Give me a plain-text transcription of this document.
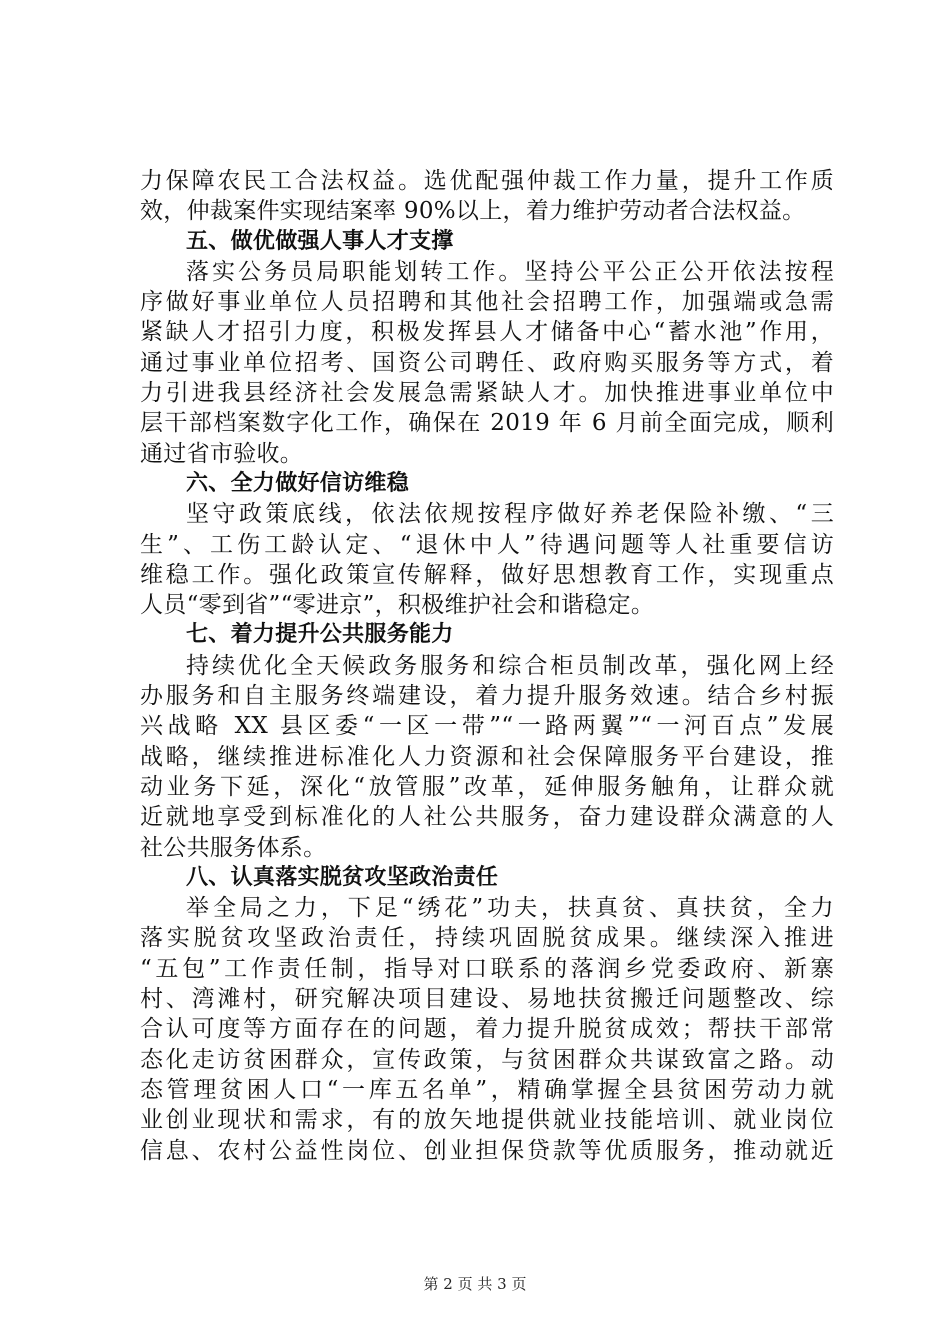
力保障农民工合法权益。选优配强仲裁工作力量，提升工作质
效，仲裁案件实现结案率 90%以上，着力维护劳动者合法权益。
五、做优做强人事人才支撑
落实公务员局职能划转工作。坚持公平公正公开依法按程
序做好事业单位人员招聘和其他社会招聘工作，加强端或急需
紧缺人才招引力度，积极发挥县人才储备中心“蓄水池”作用，
通过事业单位招考、国资公司聘任、政府购买服务等方式，着
力引进我县经济社会发展急需紧缺人才。加快推进事业单位中
层干部档案数字化工作，确保在 2019 年 6 月前全面完成，顺利
通过省市验收。
六、全力做好信访维稳
坚守政策底线，依法依规按程序做好养老保险补缴、“三
生”、工伤工龄认定、“退休中人”待遇问题等人社重要信访
维稳工作。强化政策宣传解释，做好思想教育工作，实现重点
人员“零到省”“零进京”，积极维护社会和谐稳定。
七、着力提升公共服务能力
持续优化全天候政务服务和综合柜员制改革，强化网上经
办服务和自主服务终端建设，着力提升服务效速。结合乡村振
兴战略 XX 县区委“一区一带”“一路两翼”“一河百点”发展
战略，继续推进标准化人力资源和社会保障服务平台建设，推
动业务下延，深化“放管服”改革，延伸服务触角，让群众就
近就地享受到标准化的人社公共服务，奋力建设群众满意的人
社公共服务体系。
八、认真落实脱贫攻坚政治责任
举全局之力，下足“绣花”功夫，扶真贫、真扶贫，全力
落实脱贫攻坚政治责任，持续巩固脱贫成果。继续深入推进
“五包”工作责任制，指导对口联系的落润乡党委政府、新寨
村、湾滩村，研究解决项目建设、易地扶贫搬迁问题整改、综
合认可度等方面存在的问题，着力提升脱贫成效；帮扶干部常
态化走访贫困群众，宣传政策，与贫困群众共谋致富之路。动
态管理贫困人口“一库五名单”，精确掌握全县贫困劳动力就
业创业现状和需求，有的放矢地提供就业技能培训、就业岗位
信息、农村公益性岗位、创业担保贷款等优质服务，推动就近
第 2 页 共 3 页
